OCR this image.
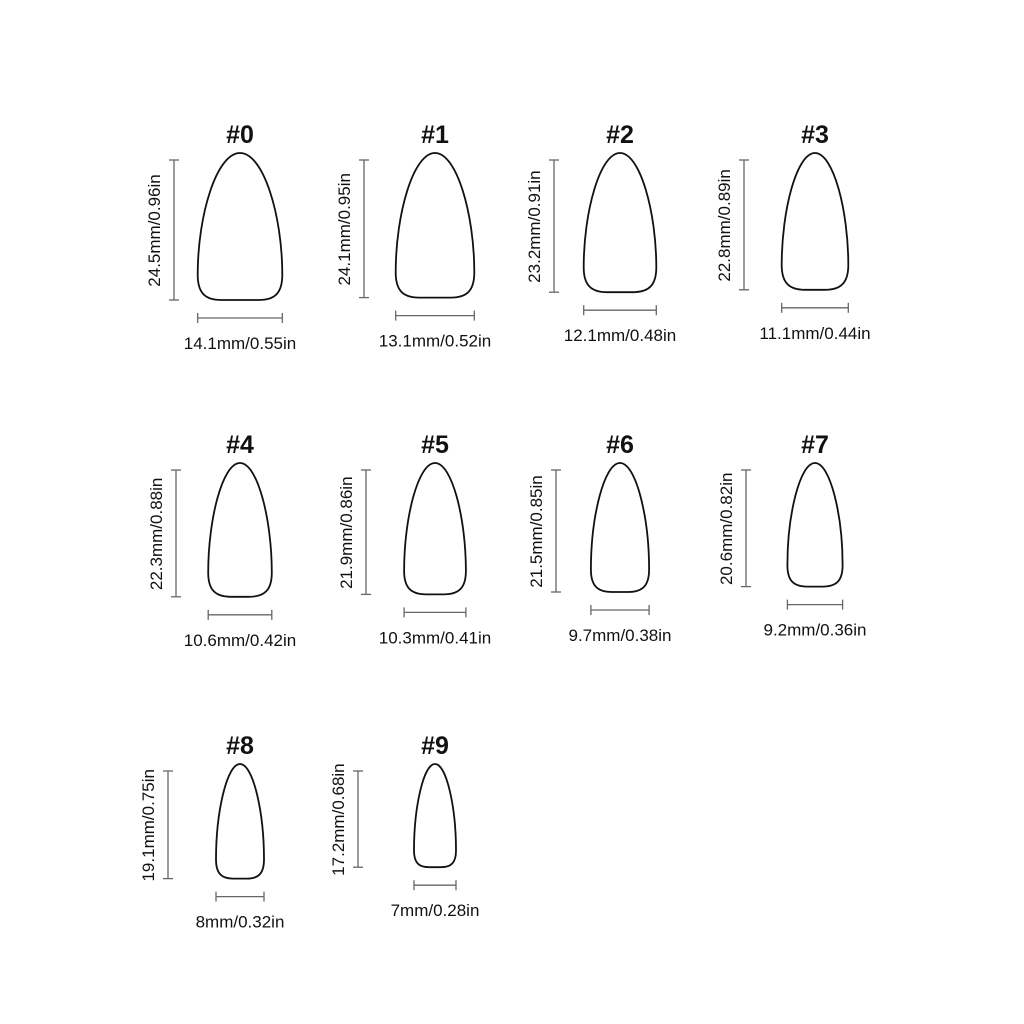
#0
24.5mm/0.96in
14.1mm/0.55in
#1
24.1mm/0.95in
13.1mm/0.52in
#2
23.2mm/0.91in
12.1mm/0.48in
#3
22.8mm/0.89in
11.1mm/0.44in
#4
22.3mm/0.88in
10.6mm/0.42in
#5
21.9mm/0.86in
10.3mm/0.41in
#6
21.5mm/0.85in
9.7mm/0.38in
#7
20.6mm/0.82in
9.2mm/0.36in
#8
19.1mm/0.75in
8mm/0.32in
#9
17.2mm/0.68in
7mm/0.28in
